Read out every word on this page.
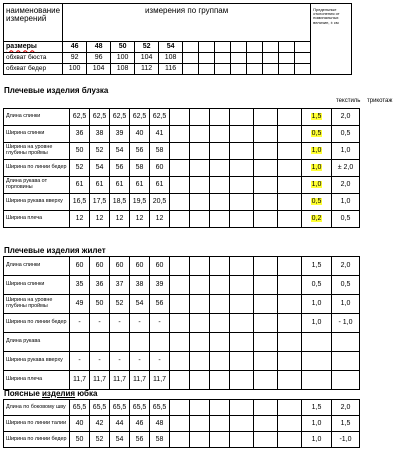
наименование измерений	измерения по группам													Предельные отклонения от номинальных величин, ± см
размеры	46	48	50	52	54									
обхват бюста	92	96	100	104	108									
обхват бедер	100	104	108	112	116									
Плечевые изделия блузка
текстиль трикотаж
Длина спинки	62,5	62,5	62,5	62,5	62,5							1,5	2,0
Ширина спинки	36	38	39	40	41							0,5	0,5
Ширина на уровне глубины проймы	50	52	54	56	58							1,0	1,0
Ширина по линии бедер	52	54	56	58	60							1,0	± 2,0
Длина рукава от горловины	61	61	61	61	61							1,0	2,0
Ширина рукава вверху	16,5	17,5	18,5	19,5	20,5							0,5	1,0
Ширина плеча	12	12	12	12	12							0,2	0,5
Плечевые изделия жилет
Длина спинки	60	60	60	60	60							1,5	2,0
Ширина спинки	35	36	37	38	39							0,5	0,5
Ширина на уровне глубины проймы	49	50	52	54	56							1,0	1,0
Ширина по линии бедер	-	-	-	-	-							1,0	- 1,0
Длина рукава													
Ширина рукава вверху	-	-	-	-	-								
Ширина плеча	11,7	11,7	11,7	11,7	11,7								
Поясные изделия юбка
Длина по боковому шву	65,5	65,5	65,5	65,5	65,5							1,5	2,0
Ширина по линии талии	40	42	44	46	48							1,0	1,5
Ширина по линии бедер	50	52	54	56	58							1,0	-1,0
